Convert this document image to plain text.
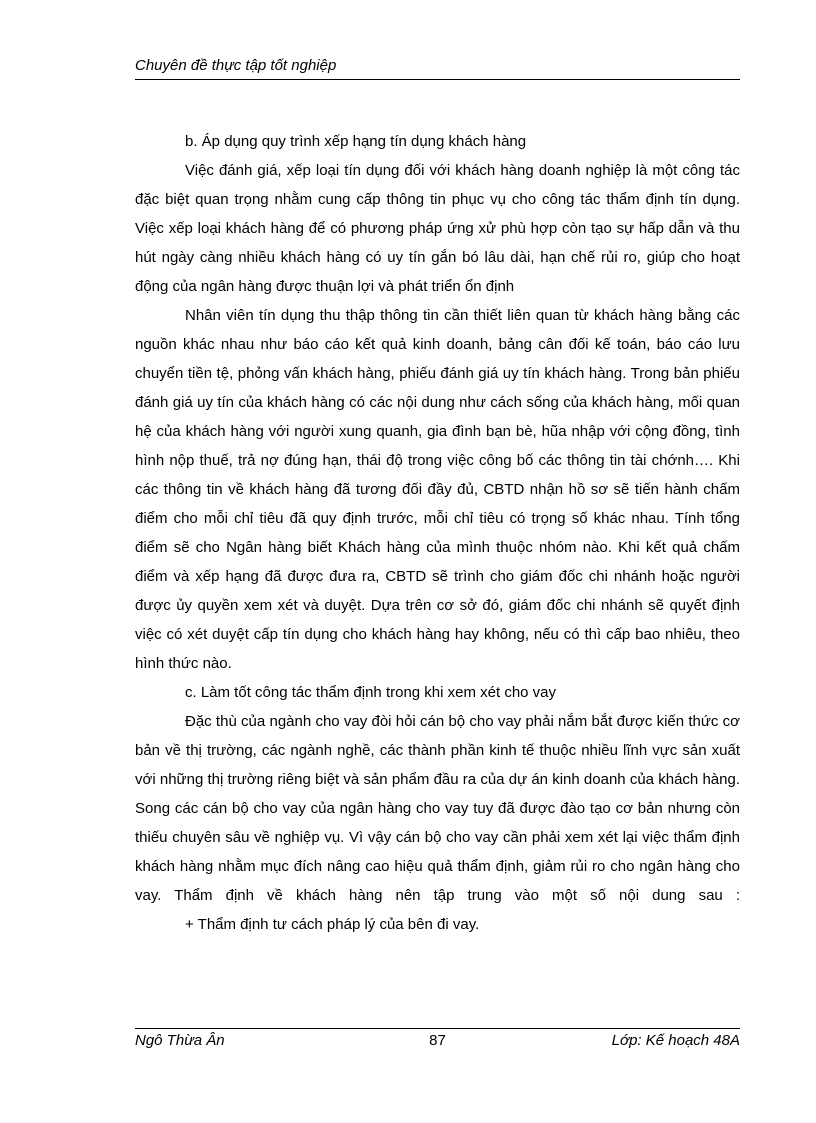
Chuyên đề thực tập tốt nghiệp

b. Áp dụng quy trình xếp hạng tín dụng khách hàng

Việc đánh giá, xếp loại tín dụng đối với khách hàng doanh nghiệp là một công tác đặc biệt quan trọng nhằm cung cấp thông tin phục vụ cho công tác thẩm định tín dụng. Việc xếp loại khách hàng để có phương pháp ứng xử phù hợp còn tạo sự hấp dẫn và thu hút ngày càng nhiều khách hàng có uy tín gắn bó lâu dài, hạn chế rủi ro, giúp cho hoạt động của ngân hàng được thuận lợi và phát triển ổn định

Nhân viên tín dụng thu thập thông tin cần thiết liên quan từ khách hàng bằng các nguồn khác nhau như báo cáo kết quả kinh doanh, bảng cân đối kế toán, báo cáo lưu chuyển tiền tệ, phỏng vấn khách hàng, phiếu đánh giá uy tín khách hàng. Trong bản phiếu đánh giá uy tín của khách hàng có các nội dung như cách sống của khách hàng, mối quan hệ của khách hàng với người xung quanh, gia đình bạn bè, hũa nhập với cộng đồng, tình hình nộp thuế, trả nợ đúng hạn, thái độ trong việc công bố các thông tin tài chớnh…. Khi các thông tin về khách hàng đã tương đối đầy đủ, CBTD nhận hồ sơ sẽ tiến hành chấm điểm cho mỗi chỉ tiêu đã quy định trước, mỗi chỉ tiêu có trọng số khác nhau. Tính tổng điểm sẽ cho Ngân hàng biết Khách hàng của mình thuộc nhóm nào. Khi kết quả chấm điểm và xếp hạng đã được đưa ra, CBTD sẽ trình cho giám đốc chi nhánh hoặc người được ủy quyền xem xét và duyệt. Dựa trên cơ sở đó, giám đốc chi nhánh sẽ quyết định việc có xét duyệt cấp tín dụng cho khách hàng hay không, nếu có thì cấp bao nhiêu, theo hình thức nào.

c. Làm tốt công tác thẩm định trong khi xem xét cho vay

Đặc thù của ngành cho vay đòi hỏi cán bộ cho vay phải nắm bắt được kiến thức cơ bản về thị trường, các ngành nghề, các thành phần kinh tế thuộc nhiều lĩnh vực sản xuất với những thị trường riêng biệt và sản phẩm đầu ra của dự án kinh doanh của khách hàng. Song các cán bộ cho vay của ngân hàng cho vay tuy đã được đào tạo cơ bản nhưng còn thiếu chuyên sâu về nghiệp vụ. Vì vậy cán bộ cho vay cần phải xem xét lại việc thẩm định khách hàng nhằm mục đích nâng cao hiệu quả thẩm định, giảm rủi ro cho ngân hàng cho vay. Thẩm định về khách hàng nên tập trung vào một số nội dung sau :

+ Thẩm định tư cách pháp lý của bên đi vay.

Ngô Thừa Ân	87	Lớp: Kế hoạch 48A
